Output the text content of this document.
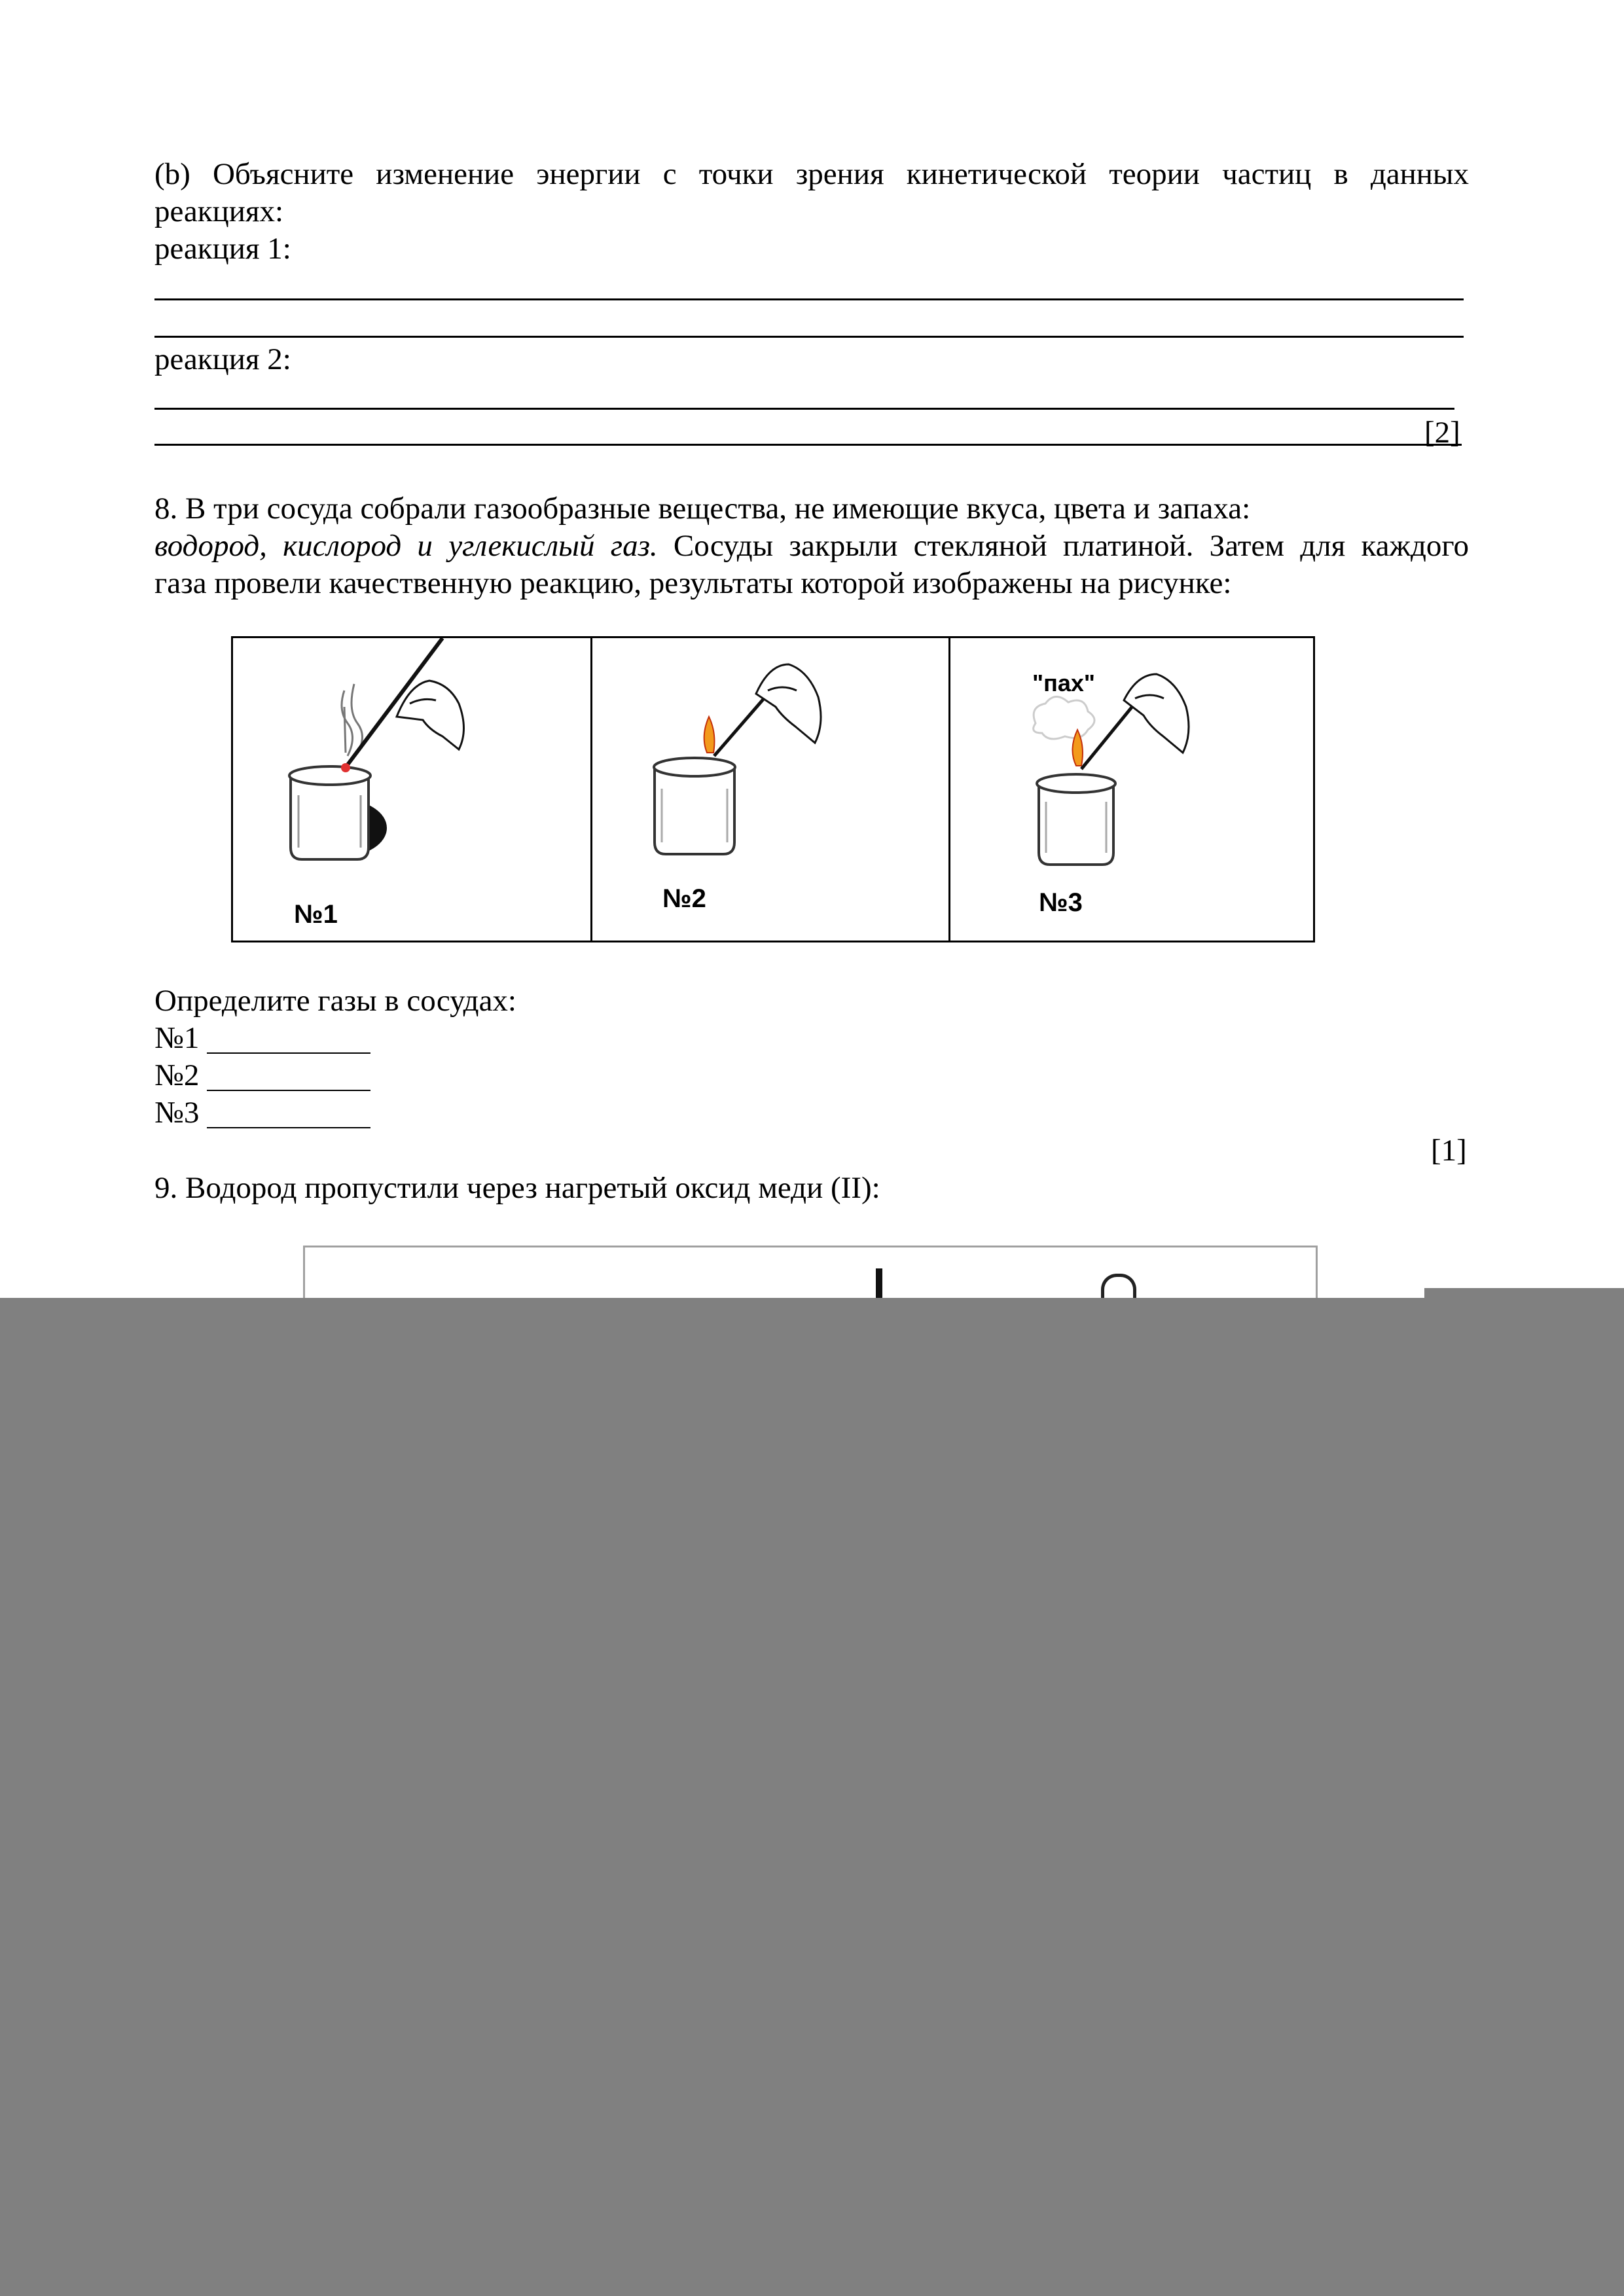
(b) Объясните изменение энергии с точки зрения кинетической теории частиц в данных
реакциях:
реакция 1:
реакция 2:
[2]
8. В три сосуда собрали газообразные вещества, не имеющие вкуса, цвета и запаха:
водород, кислород и углекислый газ. Сосуды закрыли стекляной платиной. Затем для каждого
газа провели качественную реакцию, результаты которой изображены на рисунке:
№1
№2
"пах"
№3
Определите газы в сосудах:
№1
№2
№3
[1]
9. Водород пропустили через нагретый оксид меди (II):
